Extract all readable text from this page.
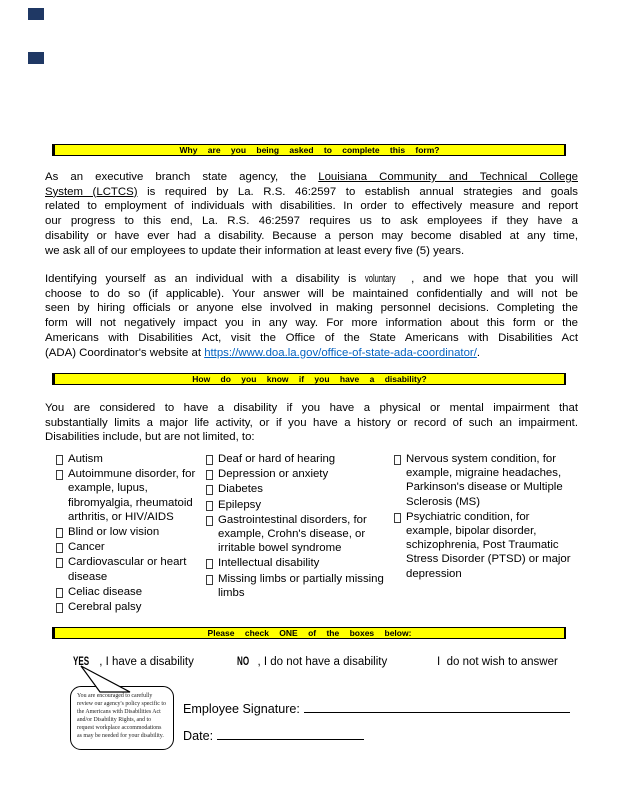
Why are you being asked to complete this form?
As an executive branch state agency, the Louisiana Community and Technical College
System (LCTCS) is required by La. R.S. 46:2597 to establish annual strategies and goals
related to employment of individuals with disabilities. In order to effectively measure and report
our progress to this end, La. R.S. 46:2597 requires us to ask employees if they have a
disability or have ever had a disability. Because a person may become disabled at any time,
we ask all of our employees to update their information at least every five (5) years.
Identifying yourself as an individual with a disability is voluntary , and we hope that you will
choose to do so (if applicable). Your answer will be maintained confidentially and will not be
seen by hiring officials or anyone else involved in making personnel decisions. Completing the
form will not negatively impact you in any way. For more information about this form or the
Americans with Disabilities Act, visit the Office of the State Americans with Disabilities Act
(ADA) Coordinator's website at https://www.doa.la.gov/office-of-state-ada-coordinator/.
How do you know if you have a disability?
You are considered to have a disability if you have a physical or mental impairment that
substantially limits a major life activity, or if you have a history or record of such an impairment.
Disabilities include, but are not limited, to:
Autism
Autoimmune disorder, for example, lupus, fibromyalgia, rheumatoid arthritis, or HIV/AIDS
Blind or low vision
Cancer
Cardiovascular or heart disease
Celiac disease
Cerebral palsy
Deaf or hard of hearing
Depression or anxiety
Diabetes
Epilepsy
Gastrointestinal disorders, for example, Crohn's disease, or irritable bowel syndrome
Intellectual disability
Missing limbs or partially missing limbs
Nervous system condition, for example, migraine headaches, Parkinson's disease or Multiple Sclerosis (MS)
Psychiatric condition, for example, bipolar disorder, schizophrenia, Post Traumatic Stress Disorder (PTSD) or major depression
Please check ONE of the boxes below:
YES , I have a disability	NO , I do not have a disability	I  do not wish to answer
You are encouraged to carefully review our agency's policy specific to the Americans with Disabilities Act and/or Disability Rights, and to request workplace accommodations as may be needed for your disability.
Employee Signature:
Date:
